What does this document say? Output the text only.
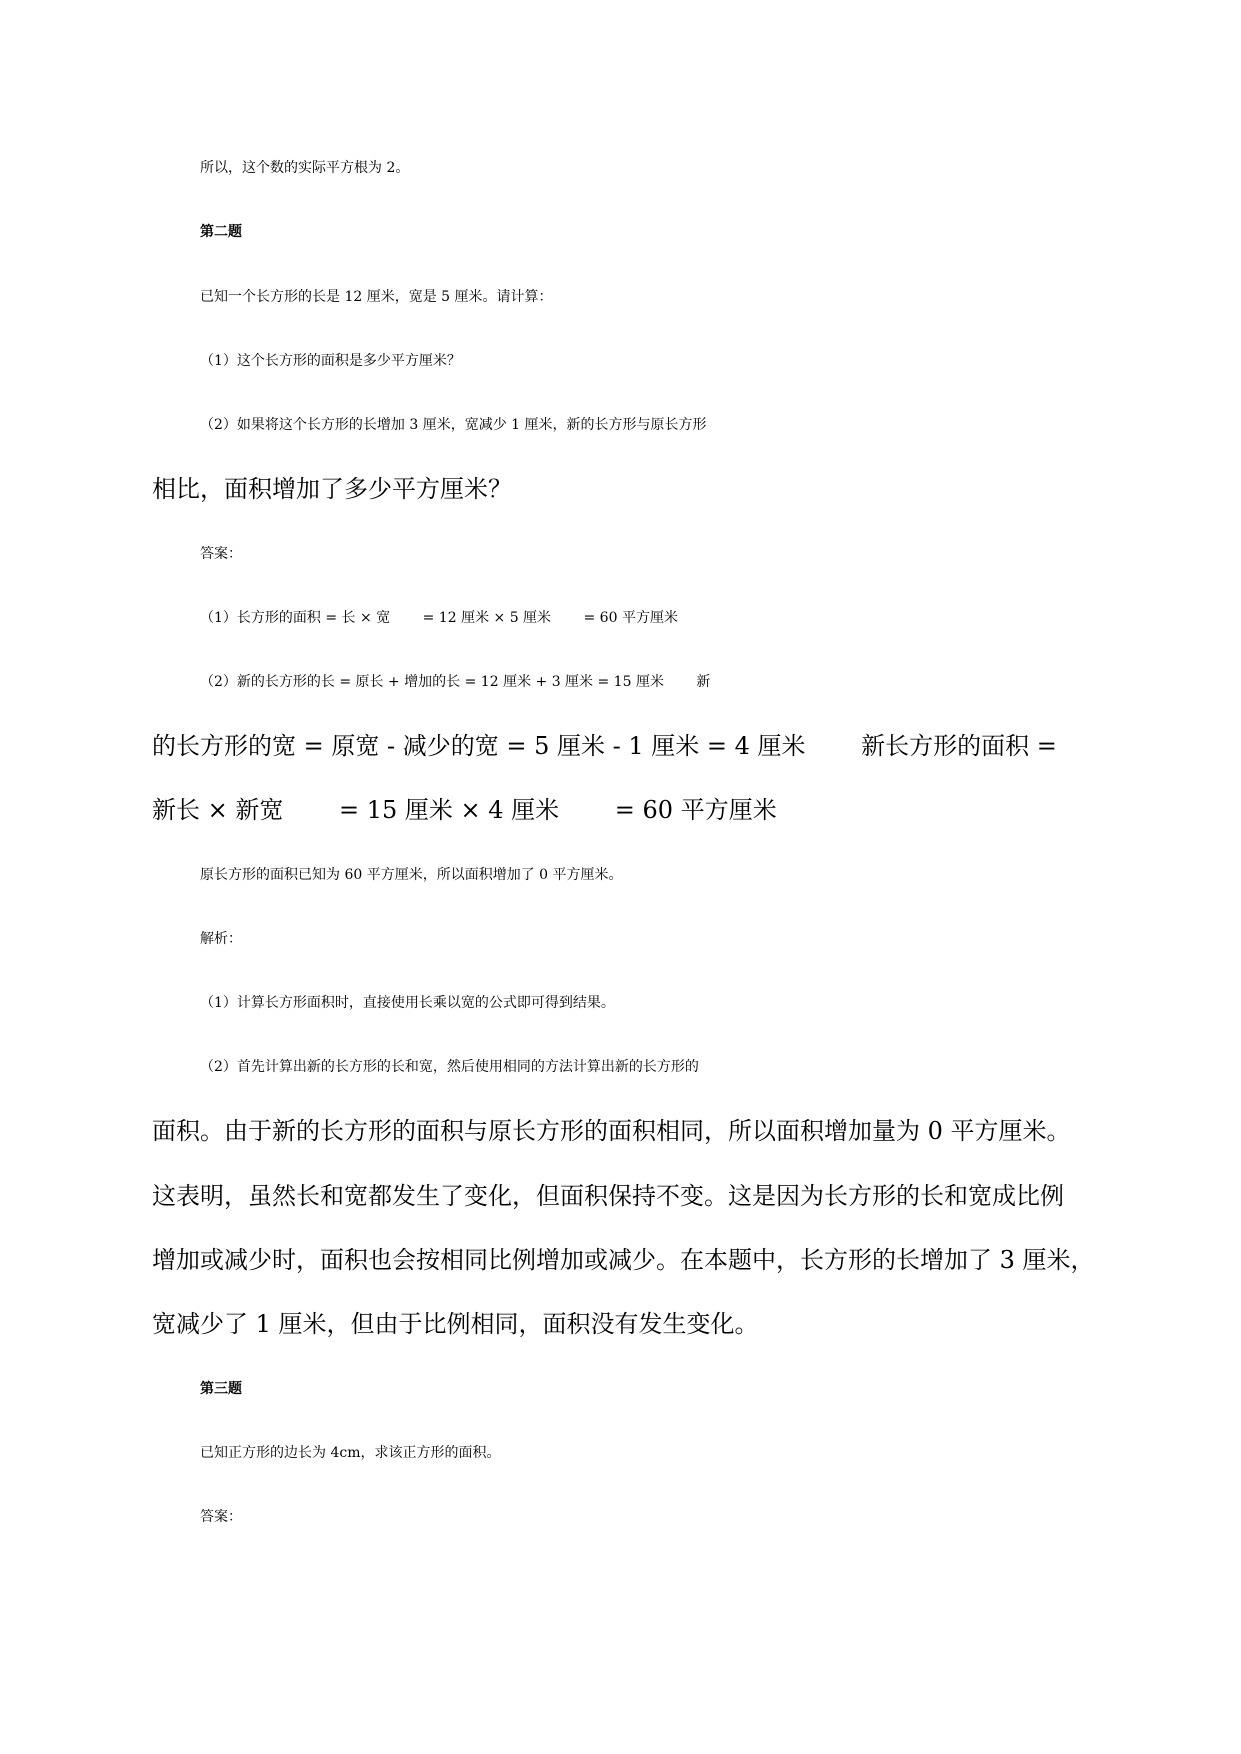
所以，这个数的实际平方根为 2。
第二题
已知一个长方形的长是 12 厘米，宽是 5 厘米。请计算：
（1）这个长方形的面积是多少平方厘米？
（2）如果将这个长方形的长增加 3 厘米，宽减少 1 厘米，新的长方形与原长方形
相比，面积增加了多少平方厘米？
答案：
（1）长方形的面积 = 长 × 宽　　 = 12 厘米 × 5 厘米　　 = 60 平方厘米
（2）新的长方形的长 = 原长 + 增加的长 = 12 厘米 + 3 厘米 = 15 厘米　　 新
的长方形的宽 = 原宽 - 减少的宽 = 5 厘米 - 1 厘米 = 4 厘米　　 新长方形的面积 =
新长 × 新宽　　 = 15 厘米 × 4 厘米　　 = 60 平方厘米
原长方形的面积已知为 60 平方厘米，所以面积增加了 0 平方厘米。
解析：
（1）计算长方形面积时，直接使用长乘以宽的公式即可得到结果。
（2）首先计算出新的长方形的长和宽，然后使用相同的方法计算出新的长方形的
面积。由于新的长方形的面积与原长方形的面积相同，所以面积增加量为 0 平方厘米。
这表明，虽然长和宽都发生了变化，但面积保持不变。这是因为长方形的长和宽成比例
增加或减少时，面积也会按相同比例增加或减少。在本题中，长方形的长增加了 3 厘米，
宽减少了 1 厘米，但由于比例相同，面积没有发生变化。
第三题
已知正方形的边长为 4cm，求该正方形的面积。
答案：
